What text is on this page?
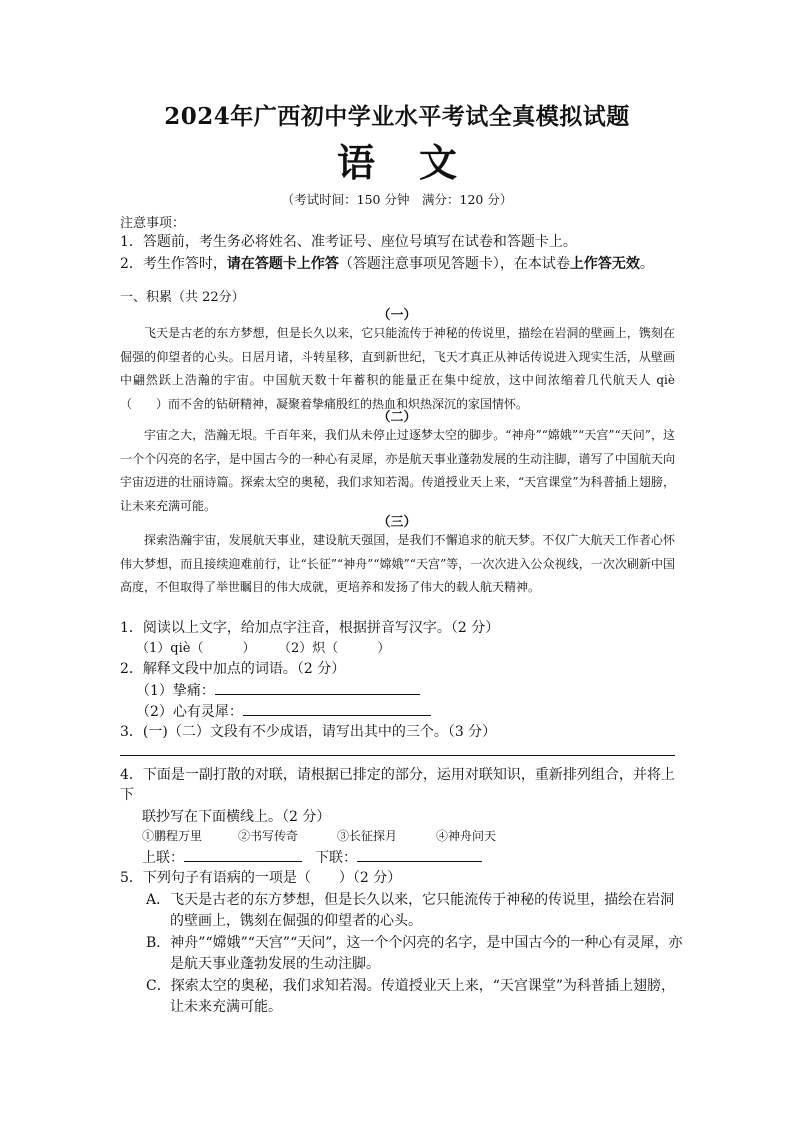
2024年广西初中学业水平考试全真模拟试题
语 文
（考试时间：150 分钟　满分：120 分）
注意事项：
1．答题前，考生务必将姓名、准考证号、座位号填写在试卷和答题卡上。
2．考生作答时，请在答题卡上作答（答题注意事项见答题卡），在本试卷上作答无效。
一、积累（共 22分）
（一）
飞天是古老的东方梦想，但是长久以来，它只能流传于神秘的传说里，描绘在岩洞的壁画上，镌刻在倔强的仰望者的心头。日居月诸，斗转星移，直到新世纪，飞天才真正从神话传说进入现实生活，从壁画中翩然跃上浩瀚的宇宙。中国航天数十年蓄积的能量正在集中绽放，这中间浓缩着几代航天人 qiè（　　）而不舍的钻研精神，凝聚着挚痛殷红的热血和炽热深沉的家国情怀。
（二）
宇宙之大，浩瀚无垠。千百年来，我们从未停止过逐梦太空的脚步。“神舟”“嫦娥”“天宫”“天问”，这一个个闪亮的名字，是中国古今的一种心有灵犀，亦是航天事业蓬勃发展的生动注脚，谱写了中国航天向宇宙迈进的壮丽诗篇。探索太空的奥秘，我们求知若渴。传道授业天上来，“天宫课堂”为科普插上翅膀，让未来充满可能。
（三）
探索浩瀚宇宙，发展航天事业，建设航天强国，是我们不懈追求的航天梦。不仅广大航天工作者心怀伟大梦想，而且接续迎难前行，让“长征”“神舟”“嫦娥”“天宫”等，一次次进入公众视线，一次次刷新中国高度，不但取得了举世瞩目的伟大成就，更培养和发扬了伟大的载人航天精神。
1．阅读以上文字，给加点字注音，根据拼音写汉字。（2 分）
（1）qiè（　　　） （2）炽（　　　）
2．解释文段中加点的词语。（2 分）
（1）挚痛：
（2）心有灵犀：
3．(一)（二）文段有不少成语，请写出其中的三个。（3 分）
4．下面是一副打散的对联，请根据已排定的部分，运用对联知识，重新排列组合，并将上
下
联抄写在下面横线上。（2 分）
①鹏程万里	②书写传奇	③长征探月	④神舟问天
上联：	下联：
5．下列句子有语病的一项是（　　）（2 分）
A．飞天是古老的东方梦想，但是长久以来，它只能流传于神秘的传说里，描绘在岩洞
的壁画上，镌刻在倔强的仰望者的心头。
B．神舟”“嫦娥”“天宫”“天问”，这一个个闪亮的名字，是中国古今的一种心有灵犀，亦
是航天事业蓬勃发展的生动注脚。
C．探索太空的奥秘，我们求知若渴。传道授业天上来，“天宫课堂”为科普插上翅膀，
让未来充满可能。
